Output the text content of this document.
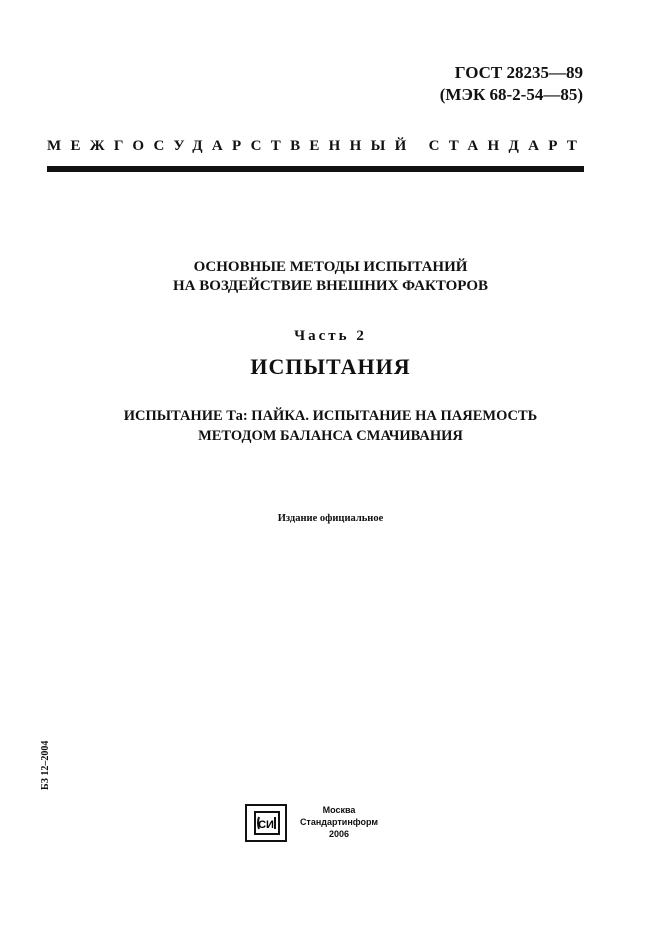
ГОСТ 28235—89
(МЭК 68-2-54—85)
МЕЖГОСУДАРСТВЕННЫЙ СТАНДАРТ
ОСНОВНЫЕ МЕТОДЫ ИСПЫТАНИЙ
НА ВОЗДЕЙСТВИЕ ВНЕШНИХ ФАКТОРОВ
Часть 2
ИСПЫТАНИЯ
ИСПЫТАНИЕ Та: ПАЙКА. ИСПЫТАНИЕ НА ПАЯЕМОСТЬ
МЕТОДОМ БАЛАНСА СМАЧИВАНИЯ
Издание официальное
БЗ 12–2004
СИ
Москва
Стандартинформ
2006
